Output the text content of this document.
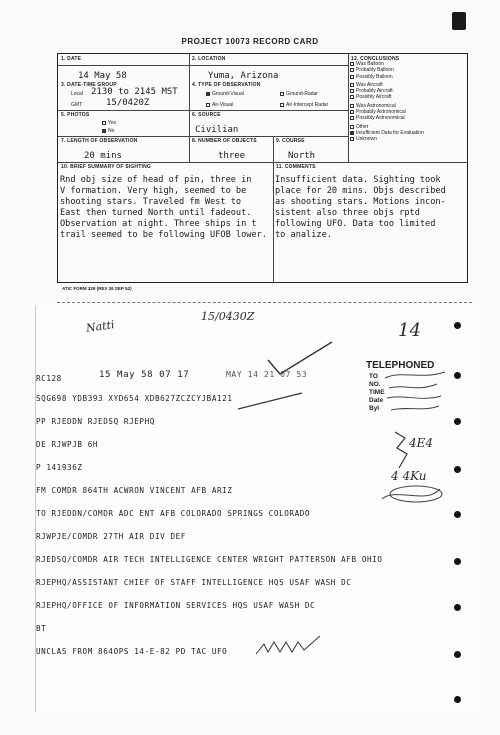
PROJECT 10073 RECORD CARD
1. DATE
14 May 58
2. LOCATION
Yuma, Arizona
3. DATE-TIME GROUP
Local 2130 to 2145 MST
GMT	15/0420Z
4. TYPE OF OBSERVATION
Ground-Visual	Ground-Radar
Air-Visual	Air-Intercept Radar
5. PHOTOS
Yes
No
6. SOURCE
Civilian
7. LENGTH OF OBSERVATION
20 mins
8. NUMBER OF OBJECTS
three
9. COURSE
North
10. BRIEF SUMMARY OF SIGHTING
Rnd obj size of head of pin, three in
V formation. Very high, seemed to be
shooting stars. Traveled fm West to
East then turned North until fadeout.
Observation at night. Three ships in t
trail seemed to be following UFOB lower.
11. COMMENTS
Insufficient data. Sighting took
place for 20 mins. Objs described
as shooting stars. Motions incon-
sistent also three objs rptd
following UFO. Data too limited
to analize.
12. CONCLUSIONS
Was Balloon
Probably Balloon
Possibly Balloon
Was Aircraft
Probably Aircraft
Possibly Aircraft
Was Astronomical
Probably Astronomical
Possibly Astronomical
Other
Insufficient Data for Evaluation
Unknown
ATIC FORM 329 (REV 26 SEP 52)
Natti
15/0430Z
14
RC128	15 May 58 07 17	MAY 14 21 07 53
TELEPHONED
TO
NO.
TIME
Date
Byl
SQG698 YDB393 XYD654 XDB627ZCZCYJBA121
PP RJEDDN RJEDSQ RJEPHQ
DE RJWPJB 6H
P 141936Z
FM COMDR 864TH ACWRON VINCENT AFB ARIZ
TO RJEDDN/COMDR ADC ENT AFB COLORADO SPRINGS COLORADO
RJWPJE/COMDR 27TH AIR DIV DEF
RJEDSQ/COMDR AIR TECH INTELLIGENCE CENTER WRIGHT PATTERSON AFB OHIO
RJEPHQ/ASSISTANT CHIEF OF STAFF INTELLIGENCE HQS USAF WASH DC
RJEPHQ/OFFICE OF INFORMATION SERVICES HQS USAF WASH DC
BT
UNCLAS FROM 864OPS 14-E-82 PD TAC UFO
4E4
4 4Ku
